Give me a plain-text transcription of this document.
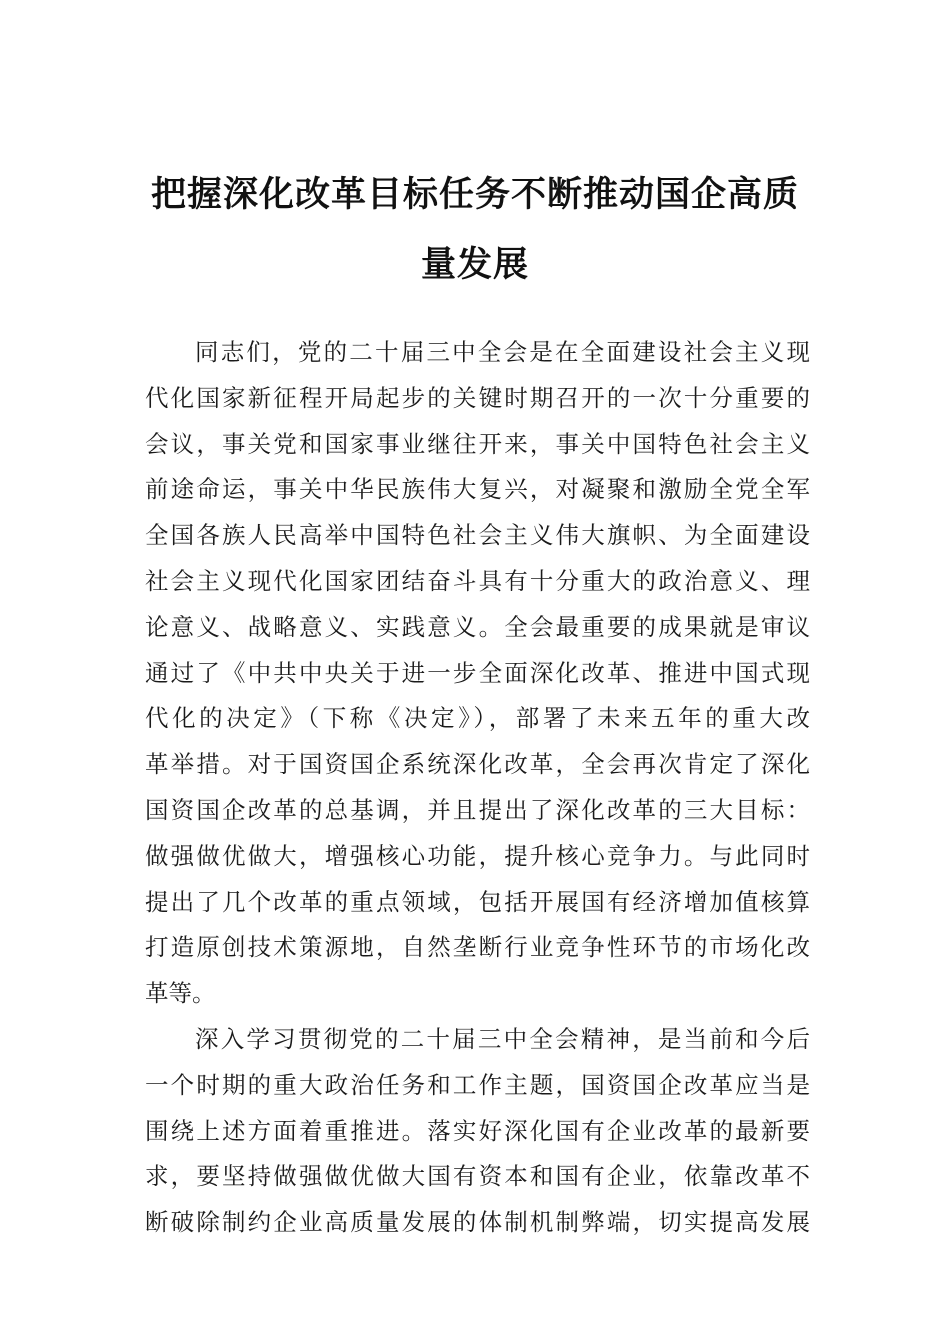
把握深化改革目标任务不断推动国企高质
量发展
同志们，党的二十届三中全会是在全面建设社会主义现
代化国家新征程开局起步的关键时期召开的一次十分重要的
会议，事关党和国家事业继往开来，事关中国特色社会主义
前途命运，事关中华民族伟大复兴，对凝聚和激励全党全军
全国各族人民高举中国特色社会主义伟大旗帜、为全面建设
社会主义现代化国家团结奋斗具有十分重大的政治意义、理
论意义、战略意义、实践意义。全会最重要的成果就是审议
通过了《中共中央关于进一步全面深化改革、推进中国式现
代化的决定》（下称《决定》），部署了未来五年的重大改
革举措。对于国资国企系统深化改革，全会再次肯定了深化
国资国企改革的总基调，并且提出了深化改革的三大目标：
做强做优做大，增强核心功能，提升核心竞争力。与此同时
提出了几个改革的重点领域，包括开展国有经济增加值核算
打造原创技术策源地，自然垄断行业竞争性环节的市场化改
革等。
深入学习贯彻党的二十届三中全会精神，是当前和今后
一个时期的重大政治任务和工作主题，国资国企改革应当是
围绕上述方面着重推进。落实好深化国有企业改革的最新要
求，要坚持做强做优做大国有资本和国有企业，依靠改革不
断破除制约企业高质量发展的体制机制弊端，切实提高发展
